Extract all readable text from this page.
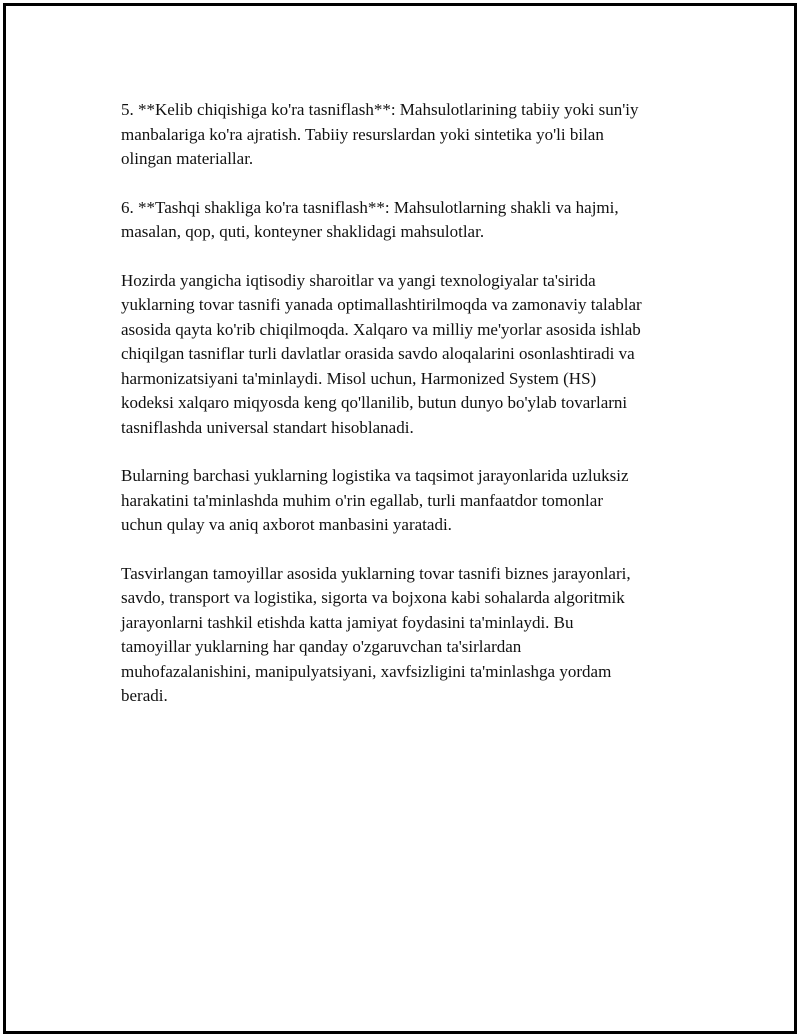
5. **Kelib chiqishiga ko'ra tasniflash**: Mahsulotlarining tabiiy yoki sun'iy
manbalariga ko'ra ajratish. Tabiiy resurslardan yoki sintetika yo'li bilan
olingan materiallar.

6. **Tashqi shakliga ko'ra tasniflash**: Mahsulotlarning shakli va hajmi,
masalan, qop, quti, konteyner shaklidagi mahsulotlar.

Hozirda yangicha iqtisodiy sharoitlar va yangi texnologiyalar ta'sirida
yuklarning tovar tasnifi yanada optimallashtirilmoqda va zamonaviy talablar
asosida qayta ko'rib chiqilmoqda. Xalqaro va milliy me'yorlar asosida ishlab
chiqilgan tasniflar turli davlatlar orasida savdo aloqalarini osonlashtiradi va
harmonizatsiyani ta'minlaydi. Misol uchun, Harmonized System (HS)
kodeksi xalqaro miqyosda keng qo'llanilib, butun dunyo bo'ylab tovarlarni
tasniflashda universal standart hisoblanadi.

Bularning barchasi yuklarning logistika va taqsimot jarayonlarida uzluksiz
harakatini ta'minlashda muhim o'rin egallab, turli manfaatdor tomonlar
uchun qulay va aniq axborot manbasini yaratadi.

Tasvirlangan tamoyillar asosida yuklarning tovar tasnifi biznes jarayonlari,
savdo, transport va logistika, sigorta va bojxona kabi sohalarda algoritmik
jarayonlarni tashkil etishda katta jamiyat foydasini ta'minlaydi. Bu
tamoyillar yuklarning har qanday o'zgaruvchan ta'sirlardan
muhofazalanishini, manipulyatsiyani, xavfsizligini ta'minlashga yordam
beradi.
